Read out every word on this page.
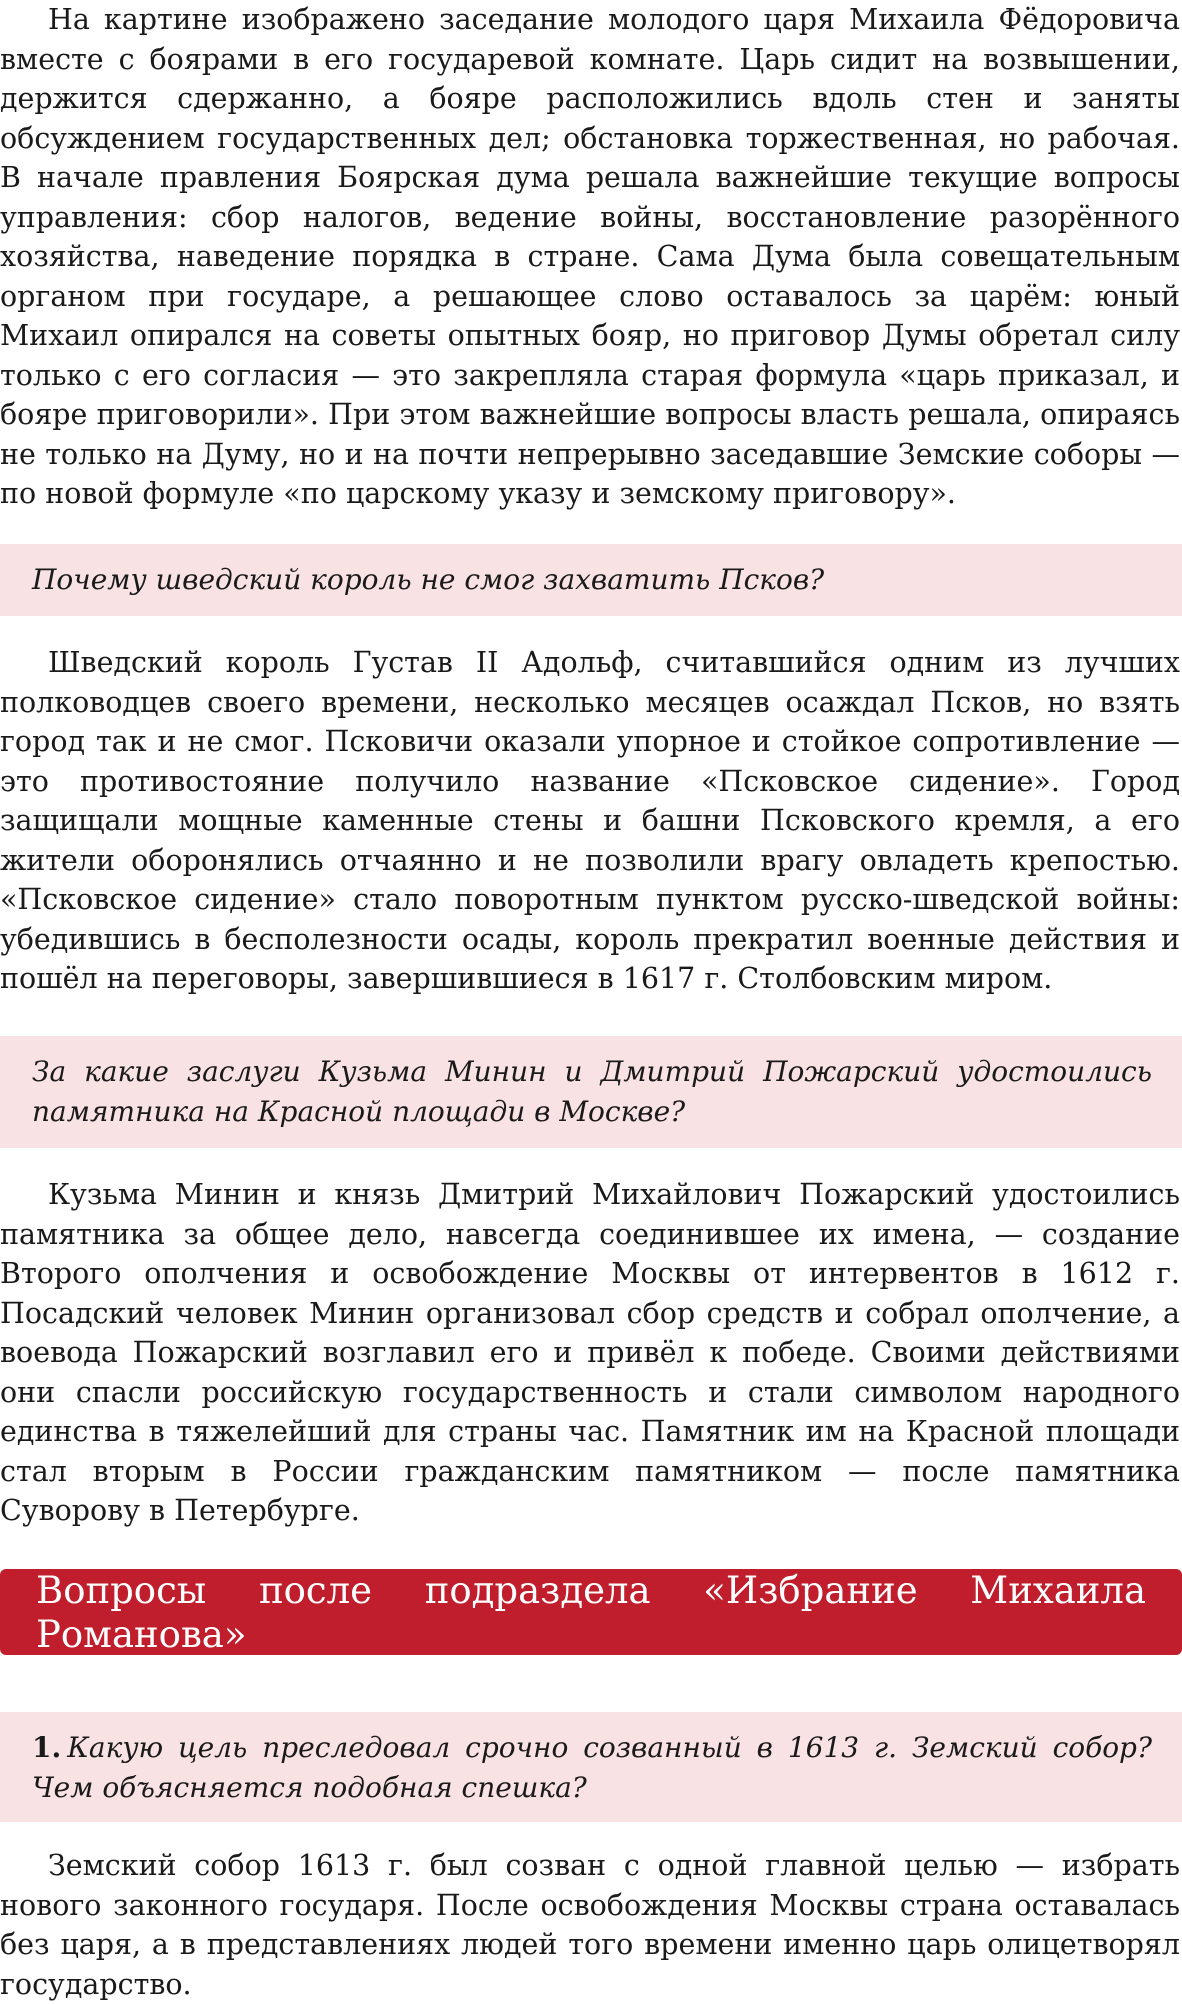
На картине изображено заседание молодого царя Михаила Фёдоровича вместе с боярами в его государевой комнате. Царь сидит на возвышении, держится сдержанно, а бояре расположились вдоль стен и заняты обсуждением государственных дел; обстановка торжественная, но рабочая. В начале правления Боярская дума решала важнейшие текущие вопросы управления: сбор налогов, ведение войны, восстановление разорённого хозяйства, наведение порядка в стране. Сама Дума была совещательным органом при государе, а решающее слово оставалось за царём: юный Михаил опирался на советы опытных бояр, но приговор Думы обретал силу только с его согласия — это закрепляла старая формула «царь приказал, и бояре приговорили». При этом важнейшие вопросы власть решала, опираясь не только на Думу, но и на почти непрерывно заседавшие Земские соборы — по новой формуле «по царскому указу и земскому приговору».

Почему шведский король не смог захватить Псков?

Шведский король Густав II Адольф, считавшийся одним из лучших полководцев своего времени, несколько месяцев осаждал Псков, но взять город так и не смог. Псковичи оказали упорное и стойкое сопротивление — это противостояние получило название «Псковское сидение». Город защищали мощные каменные стены и башни Псковского кремля, а его жители оборонялись отчаянно и не позволили врагу овладеть крепостью. «Псковское сидение» стало поворотным пунктом русско-шведской войны: убедившись в бесполезности осады, король прекратил военные действия и пошёл на переговоры, завершившиеся в 1617 г. Столбовским миром.

За какие заслуги Кузьма Минин и Дмитрий Пожарский удостоились памятника на Красной площади в Москве?

Кузьма Минин и князь Дмитрий Михайлович Пожарский удостоились памятника за общее дело, навсегда соединившее их имена, — создание Второго ополчения и освобождение Москвы от интервентов в 1612 г. Посадский человек Минин организовал сбор средств и собрал ополчение, а воевода Пожарский возглавил его и привёл к победе. Своими действиями они спасли российскую государственность и стали символом народного единства в тяжелейший для страны час. Памятник им на Красной площади стал вторым в России гражданским памятником — после памятника Суворову в Петербурге.

Вопросы после подраздела «Избрание Михаила Романова»

1. Какую цель преследовал срочно созванный в 1613 г. Земский собор? Чем объясняется подобная спешка?

Земский собор 1613 г. был созван с одной главной целью — избрать нового законного государя. После освобождения Москвы страна оставалась без царя, а в представлениях людей того времени именно царь олицетворял государство.
